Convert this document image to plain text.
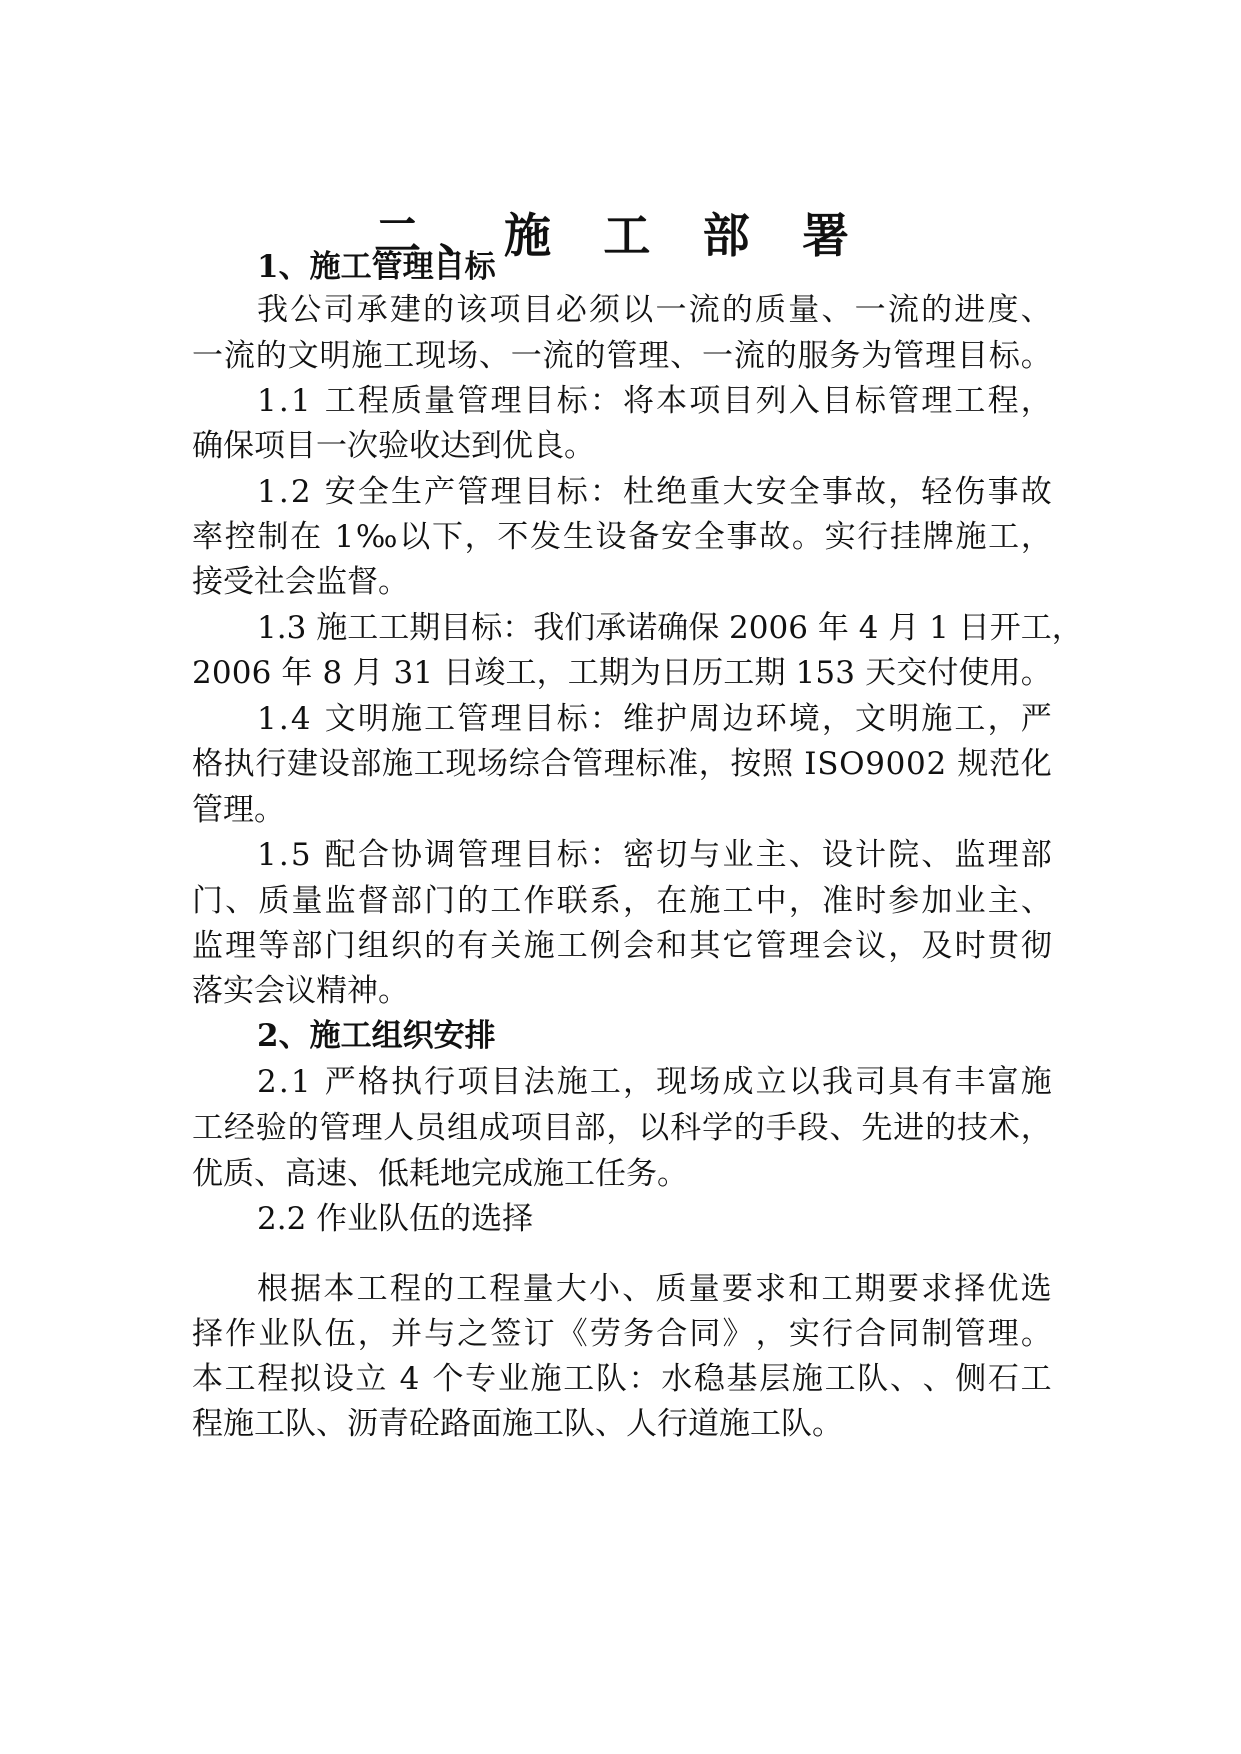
二、施 工 部 署
1、施工管理目标
我 公 司 承 建 的 该 项 目 必 须 以 一 流 的 质 量 、 一 流 的 进 度 、
一 流 的 文 明 施 工 现 场 、 一 流 的 管 理 、 一 流 的 服 务 为 管 理 目 标 。
1 . 1
工 程 质 量 管 理 目 标 ： 将 本 项 目 列 入 目 标 管 理 工 程 ，
确保项目一次验收达到优良。
1 . 2
安 全 生 产 管 理 目 标 ： 杜 绝 重 大 安 全 事 故 ， 轻 伤 事 故
率 控 制 在
1 ‰ 以 下 ， 不 发 生 设 备 安 全 事 故 。 实 行 挂 牌 施 工 ，
接受社会监督。
1 . 3
施 工 工 期 目 标 ： 我 们 承 诺 确 保
2 0 0 6
年
4
月
1
日 开 工 ，
2 0 0 6
年
8
月
3 1
日 竣 工 ， 工 期 为 日 历 工 期
1 5 3
天 交 付 使 用 。
1 . 4
文 明 施 工 管 理 目 标 ： 维 护 周 边 环 境 ， 文 明 施 工 ， 严
格 执 行 建 设 部 施 工 现 场 综 合 管 理 标 准 ， 按 照
I S O 9 0 0 2
规 范 化
管理。
1 . 5
配 合 协 调 管 理 目 标 ： 密 切 与 业 主 、 设 计 院 、 监 理 部
门 、 质 量 监 督 部 门 的 工 作 联 系 ， 在 施 工 中 ， 准 时 参 加 业 主 、
监 理 等 部 门 组 织 的 有 关 施 工 例 会 和 其 它 管 理 会 议 ， 及 时 贯 彻
落实会议精神。
2、施工组织安排
2 . 1
严 格 执 行 项 目 法 施 工 ， 现 场 成 立 以 我 司 具 有 丰 富 施
工 经 验 的 管 理 人 员 组 成 项 目 部 ， 以 科 学 的 手 段 、 先 进 的 技 术 ，
优质、高速、低耗地完成施工任务。
2.2 作业队伍的选择
根 据 本 工 程 的 工 程 量 大 小 、 质 量 要 求 和 工 期 要 求 择 优 选
择 作 业 队 伍 ， 并 与 之 签 订 《 劳 务 合 同 》 ， 实 行 合 同 制 管 理 。
本 工 程 拟 设 立
4
个 专 业 施 工 队 ： 水 稳 基 层 施 工 队 、 、 侧 石 工
程施工队、沥青砼路面施工队、人行道施工队。
